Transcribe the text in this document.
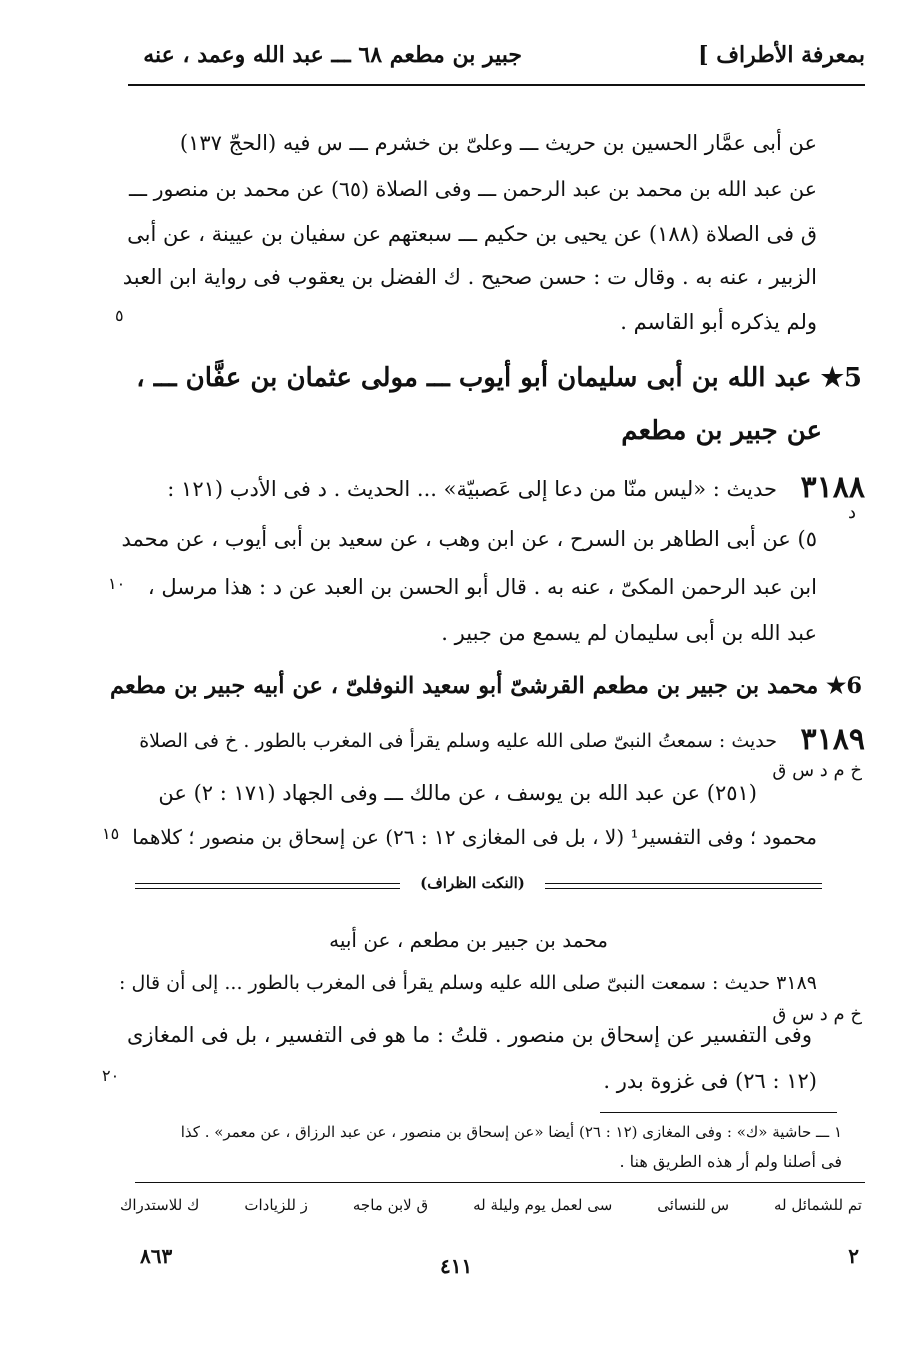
بمعرفة الأطراف ]
جبير بن مطعم ٦٨ ـــ عبد الله وعمد ، عنه
عن أبى عمَّار الحسين بن حريث ـــ وعلىّ بن خشرم ـــ س فيه (الحجّ ١٣٧)
عن عبد الله بن محمد بن عبد الرحمن ـــ وفى الصلاة (٦٥) عن محمد بن منصور ـــ
ق فى الصلاة (١٨٨) عن يحيى بن حكيم ـــ سبعتهم عن سفيان بن عيينة ، عن أبى
الزبير ، عنه به . وقال ت : حسن صحيح . ك الفضل بن يعقوب فى رواية ابن العبد
ولم يذكره أبو القاسم .
٥
5★ عبد الله بن أبى سليمان أبو أيوب ـــ مولى عثمان بن عفَّان ـــ ،
عن جبير بن مطعم
٣١٨٨
حديث : «ليس منّا من دعا إلى عَصبيّة» ... الحديث . د فى الأدب (١٢١ :
د
٥) عن أبى الطاهر بن السرح ، عن ابن وهب ، عن سعيد بن أبى أيوب ، عن محمد
ابن عبد الرحمن المكىّ ، عنه به . قال أبو الحسن بن العبد عن د : هذا مرسل ،
عبد الله بن أبى سليمان لم يسمع من جبير .
١٠
6★ محمد بن جبير بن مطعم القرشىّ أبو سعيد النوفلىّ ، عن أبيه جبير بن مطعم
٣١٨٩
حديث : سمعتُ النبىّ صلى الله عليه وسلم يقرأ فى المغرب بالطور . خ فى الصلاة
خ م د س ق
(٢٥١) عن عبد الله بن يوسف ، عن مالك ـــ وفى الجهاد (١٧١ : ٢) عن
محمود ؛ وفى التفسير¹ (لا ، بل فى المغازى ١٢ : ٢٦) عن إسحاق بن منصور ؛ كلاهما
١٥
(النكت الظراف)
محمد بن جبير بن مطعم ، عن أبيه
٣١٨٩ حديث : سمعت النبىّ صلى الله عليه وسلم يقرأ فى المغرب بالطور ... إلى أن قال :
خ م د س ق
وفى التفسير عن إسحاق بن منصور . قلتُ : ما هو فى التفسير ، بل فى المغازى
(١٢ : ٢٦) فى غزوة بدر .
٢٠
١ ـــ حاشية «ك» : وفى المغازى (١٢ : ٢٦) أيضا «عن إسحاق بن منصور ، عن عبد الرزاق ، عن معمر» . كذا
فى أصلنا ولم أر هذه الطريق هنا .
تم للشمائل له
س للنسائى
سى لعمل يوم وليلة له
ق لابن ماجه
ز للزيادات
ك للاستدراك
٢
٤١١
٨٦٣
